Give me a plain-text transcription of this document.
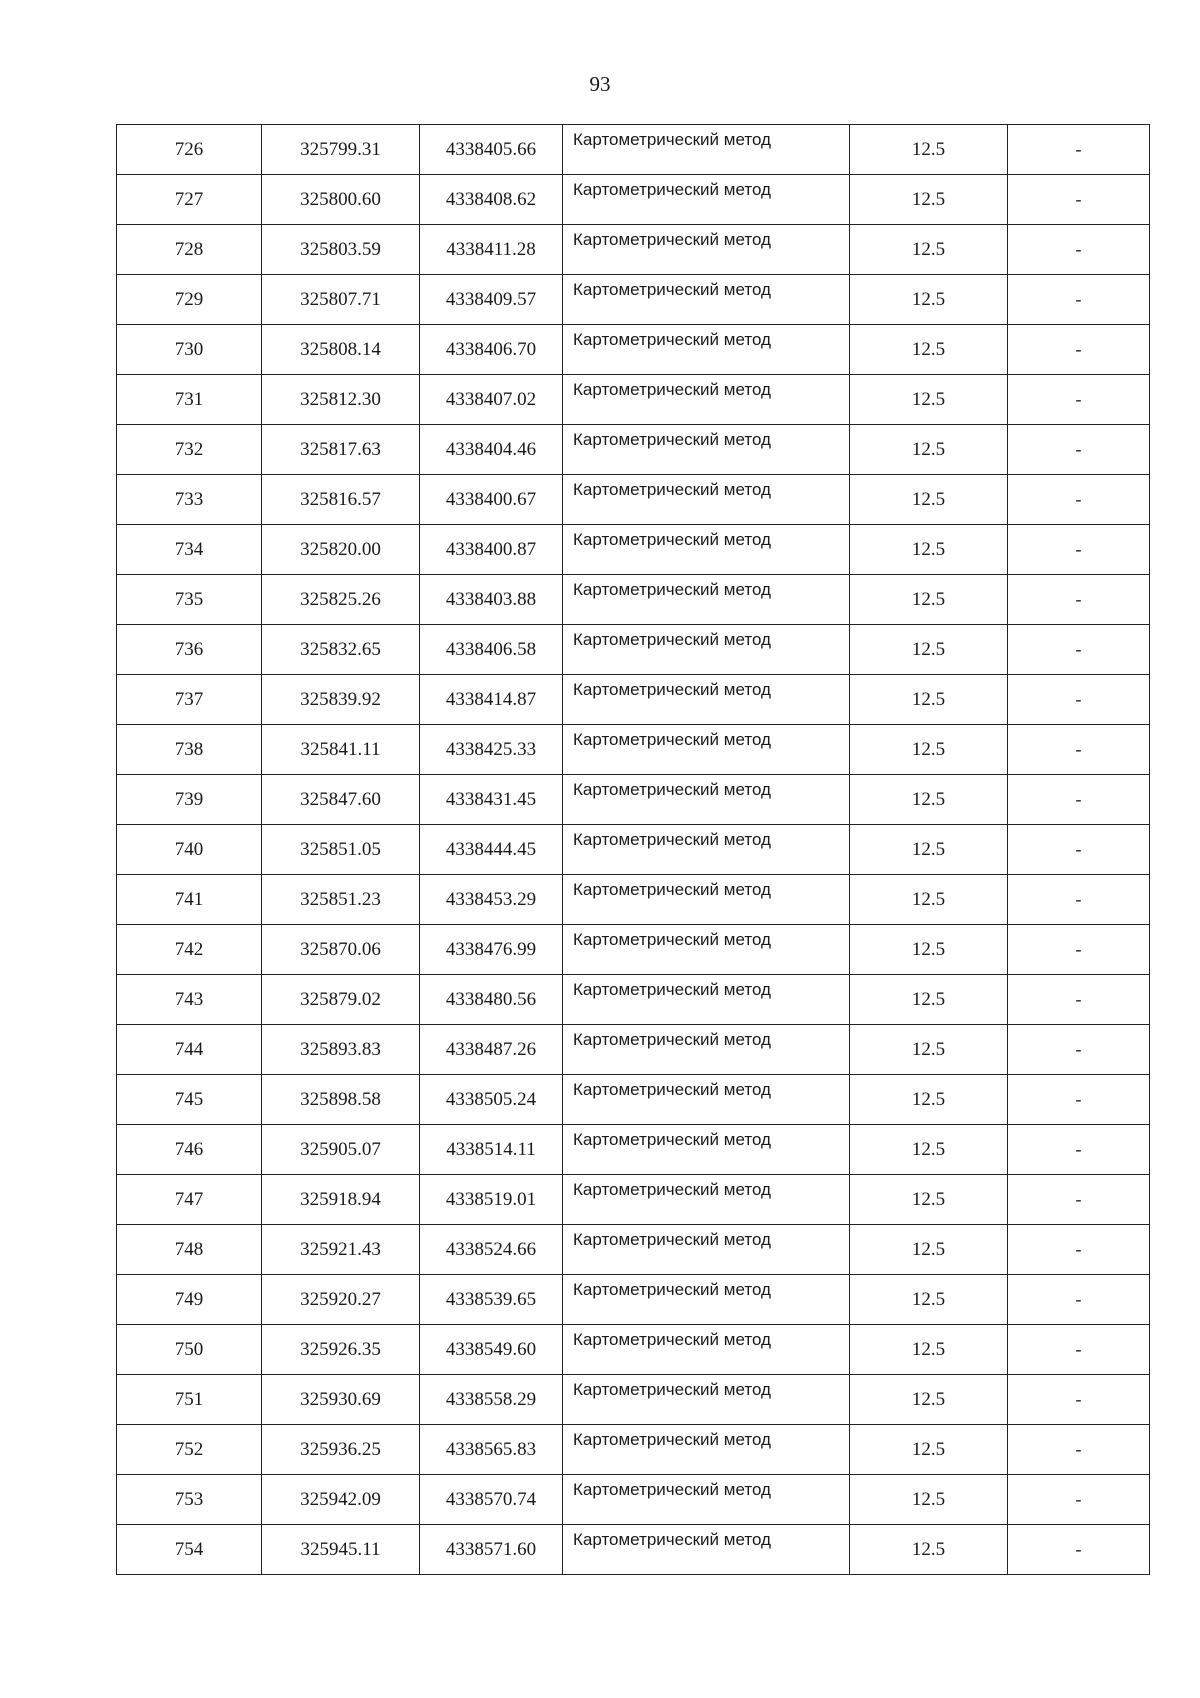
93
726	325799.31	4338405.66	Картометрический метод	12.5	-
727	325800.60	4338408.62	Картометрический метод	12.5	-
728	325803.59	4338411.28	Картометрический метод	12.5	-
729	325807.71	4338409.57	Картометрический метод	12.5	-
730	325808.14	4338406.70	Картометрический метод	12.5	-
731	325812.30	4338407.02	Картометрический метод	12.5	-
732	325817.63	4338404.46	Картометрический метод	12.5	-
733	325816.57	4338400.67	Картометрический метод	12.5	-
734	325820.00	4338400.87	Картометрический метод	12.5	-
735	325825.26	4338403.88	Картометрический метод	12.5	-
736	325832.65	4338406.58	Картометрический метод	12.5	-
737	325839.92	4338414.87	Картометрический метод	12.5	-
738	325841.11	4338425.33	Картометрический метод	12.5	-
739	325847.60	4338431.45	Картометрический метод	12.5	-
740	325851.05	4338444.45	Картометрический метод	12.5	-
741	325851.23	4338453.29	Картометрический метод	12.5	-
742	325870.06	4338476.99	Картометрический метод	12.5	-
743	325879.02	4338480.56	Картометрический метод	12.5	-
744	325893.83	4338487.26	Картометрический метод	12.5	-
745	325898.58	4338505.24	Картометрический метод	12.5	-
746	325905.07	4338514.11	Картометрический метод	12.5	-
747	325918.94	4338519.01	Картометрический метод	12.5	-
748	325921.43	4338524.66	Картометрический метод	12.5	-
749	325920.27	4338539.65	Картометрический метод	12.5	-
750	325926.35	4338549.60	Картометрический метод	12.5	-
751	325930.69	4338558.29	Картометрический метод	12.5	-
752	325936.25	4338565.83	Картометрический метод	12.5	-
753	325942.09	4338570.74	Картометрический метод	12.5	-
754	325945.11	4338571.60	Картометрический метод	12.5	-
